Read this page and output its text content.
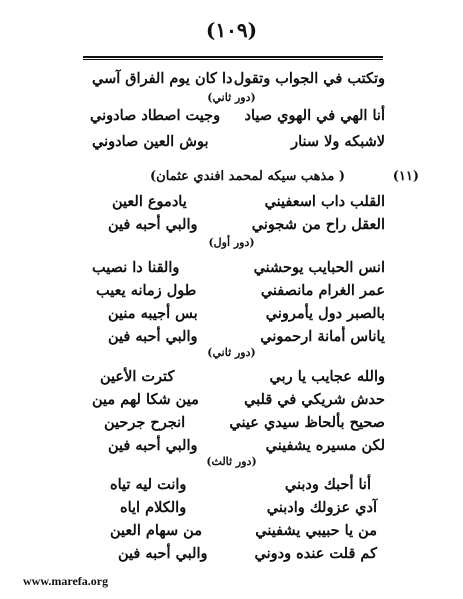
(١٠٩)
وتكتب في الجواب وتقول
دا كان يوم الفراق آسي
(دور ثاني)
أنا الهي في الهوي صياد
وجيت اصطاد صادوني
لاشبكه ولا سنار
بوش العين صادوني
(١١)
( مذهب سيكه لمحمد افندي عثمان)
القلب داب اسعفيني
يادموع العين
العقل راح من شجوني
والبي أحبه فين
(دور أول)
انس الحبايب يوحشني
والقنا دا نصيب
عمر الغرام مانصفني
طول زمانه يعيب
بالصبر دول يأمروني
بس أجيبه منين
ياناس أمانة ارحموني
والبي أحبه فين
(دور ثاني)
والله عجايب يا ربي
كترت الأعين
حدش شريكي في قلبي
مين شكا لهم مين
صحيح بألحاظ سيدي عيني
انجرح جرحين
لكن مسيره يشفيني
والبي أحبه فين
(دور ثالث)
أنا أحبك ودبني
وانت ليه تياه
آدي عزولك وادبني
والكلام اياه
من يا حبيبي يشفيني
من سهام العين
كم قلت عنده ودوني
والبي أحبه فين
www.marefa.org
